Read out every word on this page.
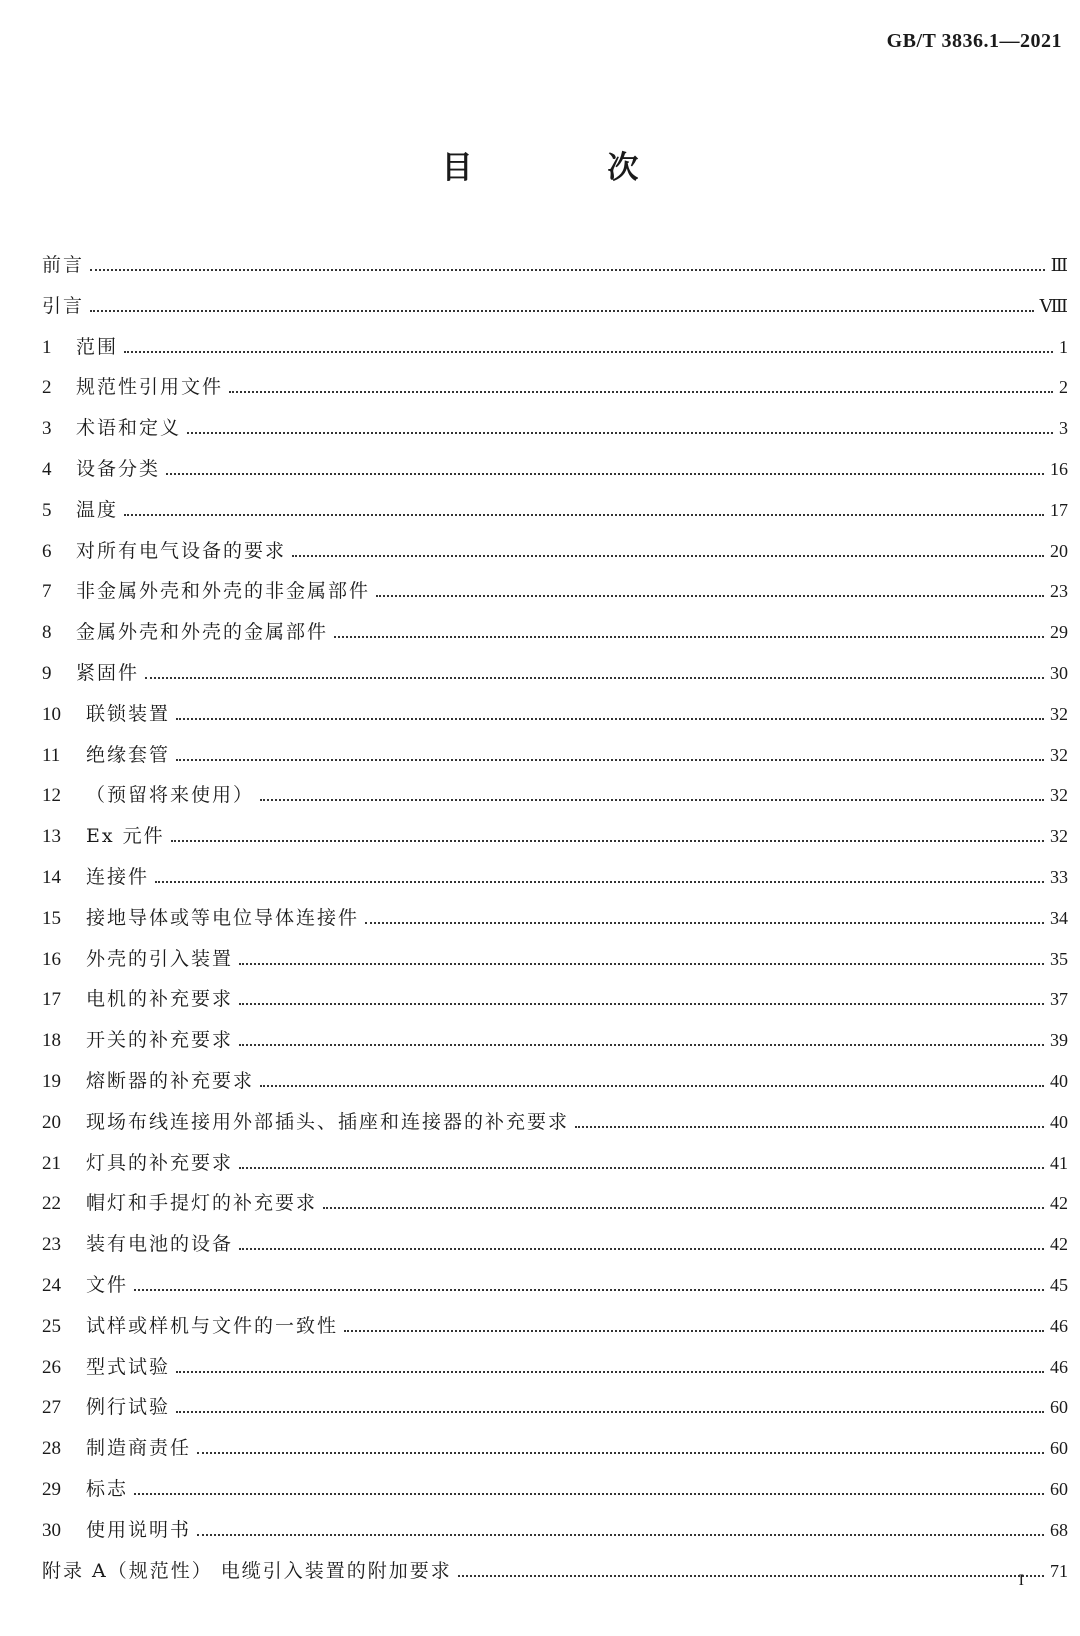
GB/T 3836.1—2021
目 次
前言	Ⅲ
引言	Ⅷ
1	范围	1
2	规范性引用文件	2
3	术语和定义	3
4	设备分类	16
5	温度	17
6	对所有电气设备的要求	20
7	非金属外壳和外壳的非金属部件	23
8	金属外壳和外壳的金属部件	29
9	紧固件	30
10	联锁装置	32
11	绝缘套管	32
12	（预留将来使用）	32
13	Ex 元件	32
14	连接件	33
15	接地导体或等电位导体连接件	34
16	外壳的引入装置	35
17	电机的补充要求	37
18	开关的补充要求	39
19	熔断器的补充要求	40
20	现场布线连接用外部插头、插座和连接器的补充要求	40
21	灯具的补充要求	41
22	帽灯和手提灯的补充要求	42
23	装有电池的设备	42
24	文件	45
25	试样或样机与文件的一致性	46
26	型式试验	46
27	例行试验	60
28	制造商责任	60
29	标志	60
30	使用说明书	68
附录 A（规范性） 电缆引入装置的附加要求	71
I
